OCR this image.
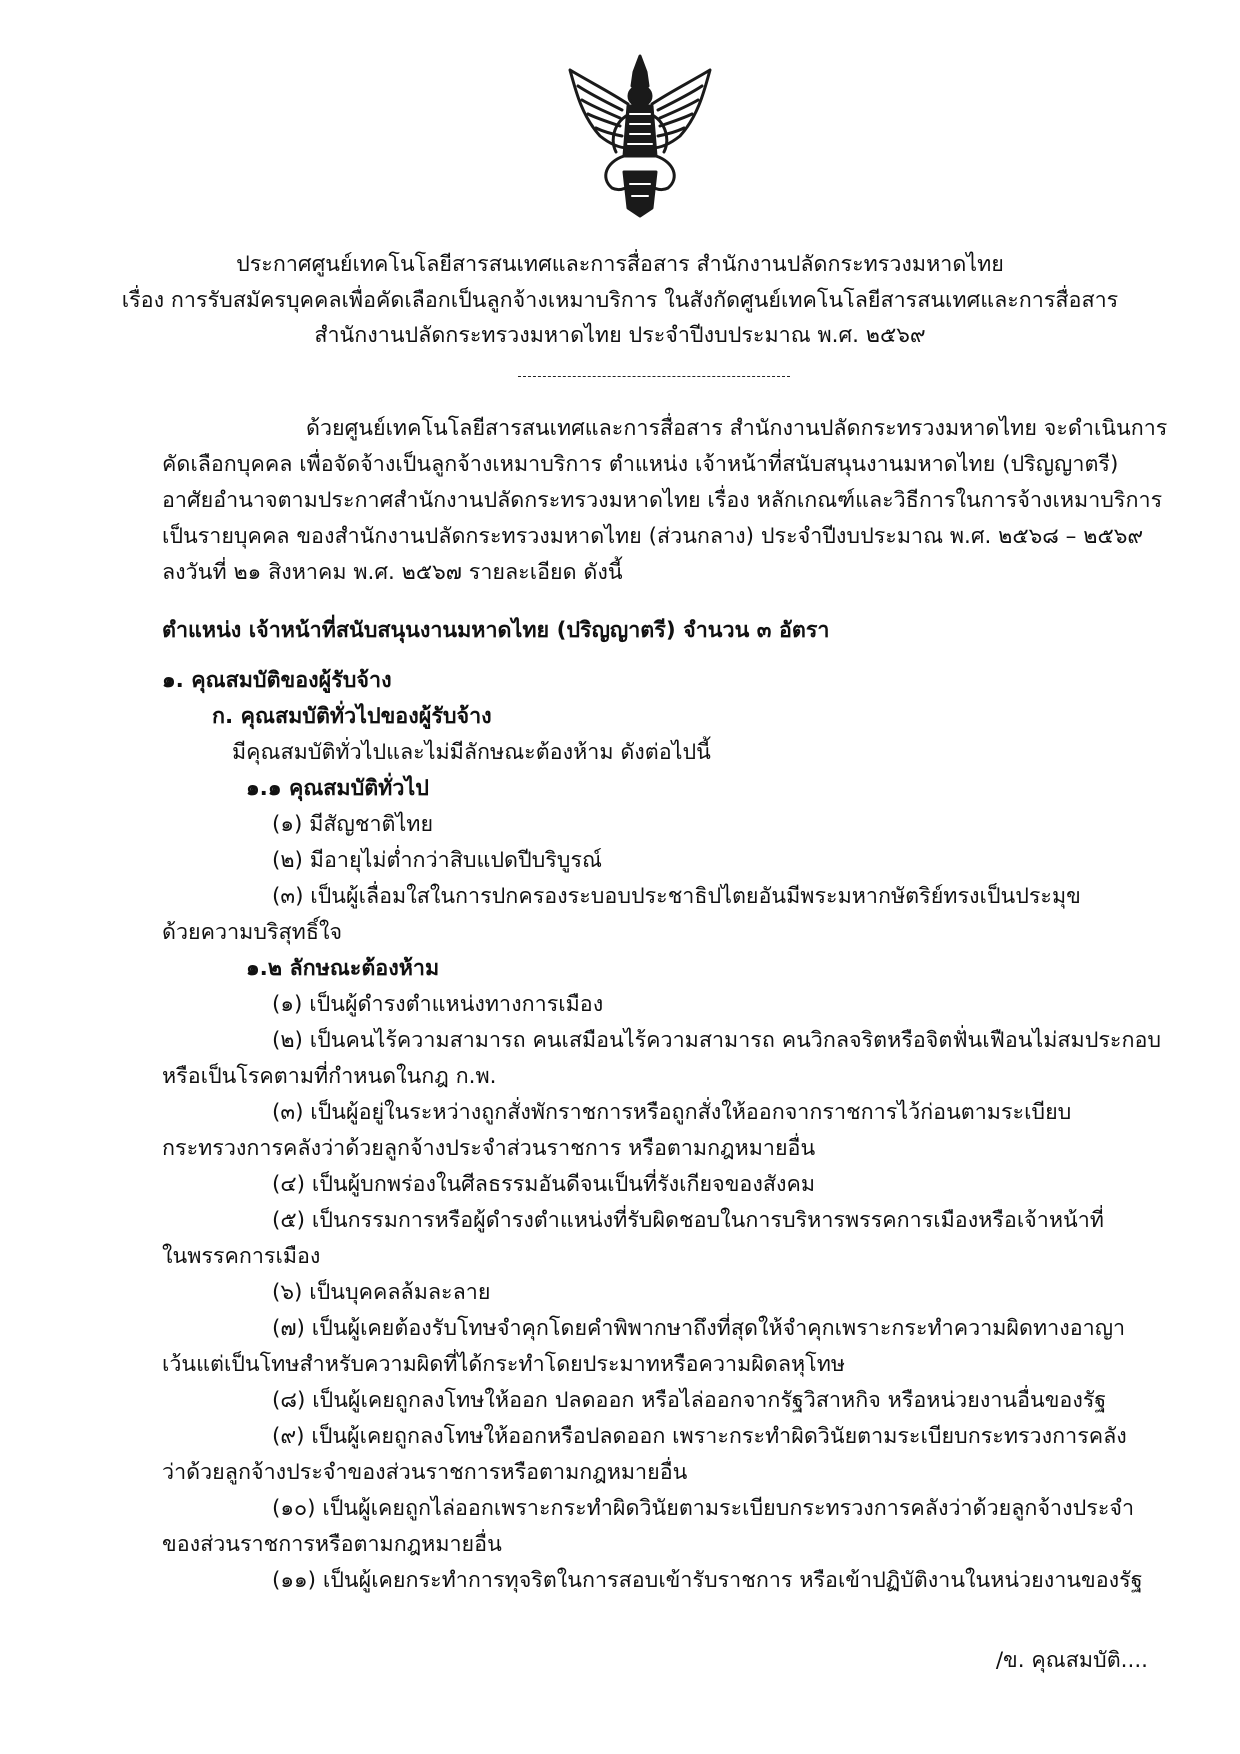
ประกาศศูนย์เทคโนโลยีสารสนเทศและการสื่อสาร สำนักงานปลัดกระทรวงมหาดไทย
เรื่อง การรับสมัครบุคคลเพื่อคัดเลือกเป็นลูกจ้างเหมาบริการ ในสังกัดศูนย์เทคโนโลยีสารสนเทศและการสื่อสาร
สำนักงานปลัดกระทรวงมหาดไทย ประจำปีงบประมาณ พ.ศ. ๒๕๖๙
ด้วยศูนย์เทคโนโลยีสารสนเทศและการสื่อสาร สำนักงานปลัดกระทรวงมหาดไทย จะดำเนินการ
คัดเลือกบุคคล เพื่อจัดจ้างเป็นลูกจ้างเหมาบริการ ตำแหน่ง เจ้าหน้าที่สนับสนุนงานมหาดไทย (ปริญญาตรี)
อาศัยอำนาจตามประกาศสำนักงานปลัดกระทรวงมหาดไทย เรื่อง หลักเกณฑ์และวิธีการในการจ้างเหมาบริการ
เป็นรายบุคคล ของสำนักงานปลัดกระทรวงมหาดไทย (ส่วนกลาง) ประจำปีงบประมาณ พ.ศ. ๒๕๖๘ – ๒๕๖๙
ลงวันที่ ๒๑ สิงหาคม พ.ศ. ๒๕๖๗ รายละเอียด ดังนี้
ตำแหน่ง เจ้าหน้าที่สนับสนุนงานมหาดไทย (ปริญญาตรี) จำนวน ๓ อัตรา
๑. คุณสมบัติของผู้รับจ้าง
ก. คุณสมบัติทั่วไปของผู้รับจ้าง
มีคุณสมบัติทั่วไปและไม่มีลักษณะต้องห้าม ดังต่อไปนี้
๑.๑ คุณสมบัติทั่วไป
(๑) มีสัญชาติไทย
(๒) มีอายุไม่ต่ำกว่าสิบแปดปีบริบูรณ์
(๓) เป็นผู้เลื่อมใสในการปกครองระบอบประชาธิปไตยอันมีพระมหากษัตริย์ทรงเป็นประมุข
ด้วยความบริสุทธิ์ใจ
๑.๒ ลักษณะต้องห้าม
(๑) เป็นผู้ดำรงตำแหน่งทางการเมือง
(๒) เป็นคนไร้ความสามารถ คนเสมือนไร้ความสามารถ คนวิกลจริตหรือจิตฟั่นเฟือนไม่สมประกอบ
หรือเป็นโรคตามที่กำหนดในกฎ ก.พ.
(๓) เป็นผู้อยู่ในระหว่างถูกสั่งพักราชการหรือถูกสั่งให้ออกจากราชการไว้ก่อนตามระเบียบ
กระทรวงการคลังว่าด้วยลูกจ้างประจำส่วนราชการ หรือตามกฎหมายอื่น
(๔) เป็นผู้บกพร่องในศีลธรรมอันดีจนเป็นที่รังเกียจของสังคม
(๕) เป็นกรรมการหรือผู้ดำรงตำแหน่งที่รับผิดชอบในการบริหารพรรคการเมืองหรือเจ้าหน้าที่
ในพรรคการเมือง
(๖) เป็นบุคคลล้มละลาย
(๗) เป็นผู้เคยต้องรับโทษจำคุกโดยคำพิพากษาถึงที่สุดให้จำคุกเพราะกระทำความผิดทางอาญา
เว้นแต่เป็นโทษสำหรับความผิดที่ได้กระทำโดยประมาทหรือความผิดลหุโทษ
(๘) เป็นผู้เคยถูกลงโทษให้ออก ปลดออก หรือไล่ออกจากรัฐวิสาหกิจ หรือหน่วยงานอื่นของรัฐ
(๙) เป็นผู้เคยถูกลงโทษให้ออกหรือปลดออก เพราะกระทำผิดวินัยตามระเบียบกระทรวงการคลัง
ว่าด้วยลูกจ้างประจำของส่วนราชการหรือตามกฎหมายอื่น
(๑๐) เป็นผู้เคยถูกไล่ออกเพราะกระทำผิดวินัยตามระเบียบกระทรวงการคลังว่าด้วยลูกจ้างประจำ
ของส่วนราชการหรือตามกฎหมายอื่น
(๑๑) เป็นผู้เคยกระทำการทุจริตในการสอบเข้ารับราชการ หรือเข้าปฏิบัติงานในหน่วยงานของรัฐ
/ข. คุณสมบัติ....
